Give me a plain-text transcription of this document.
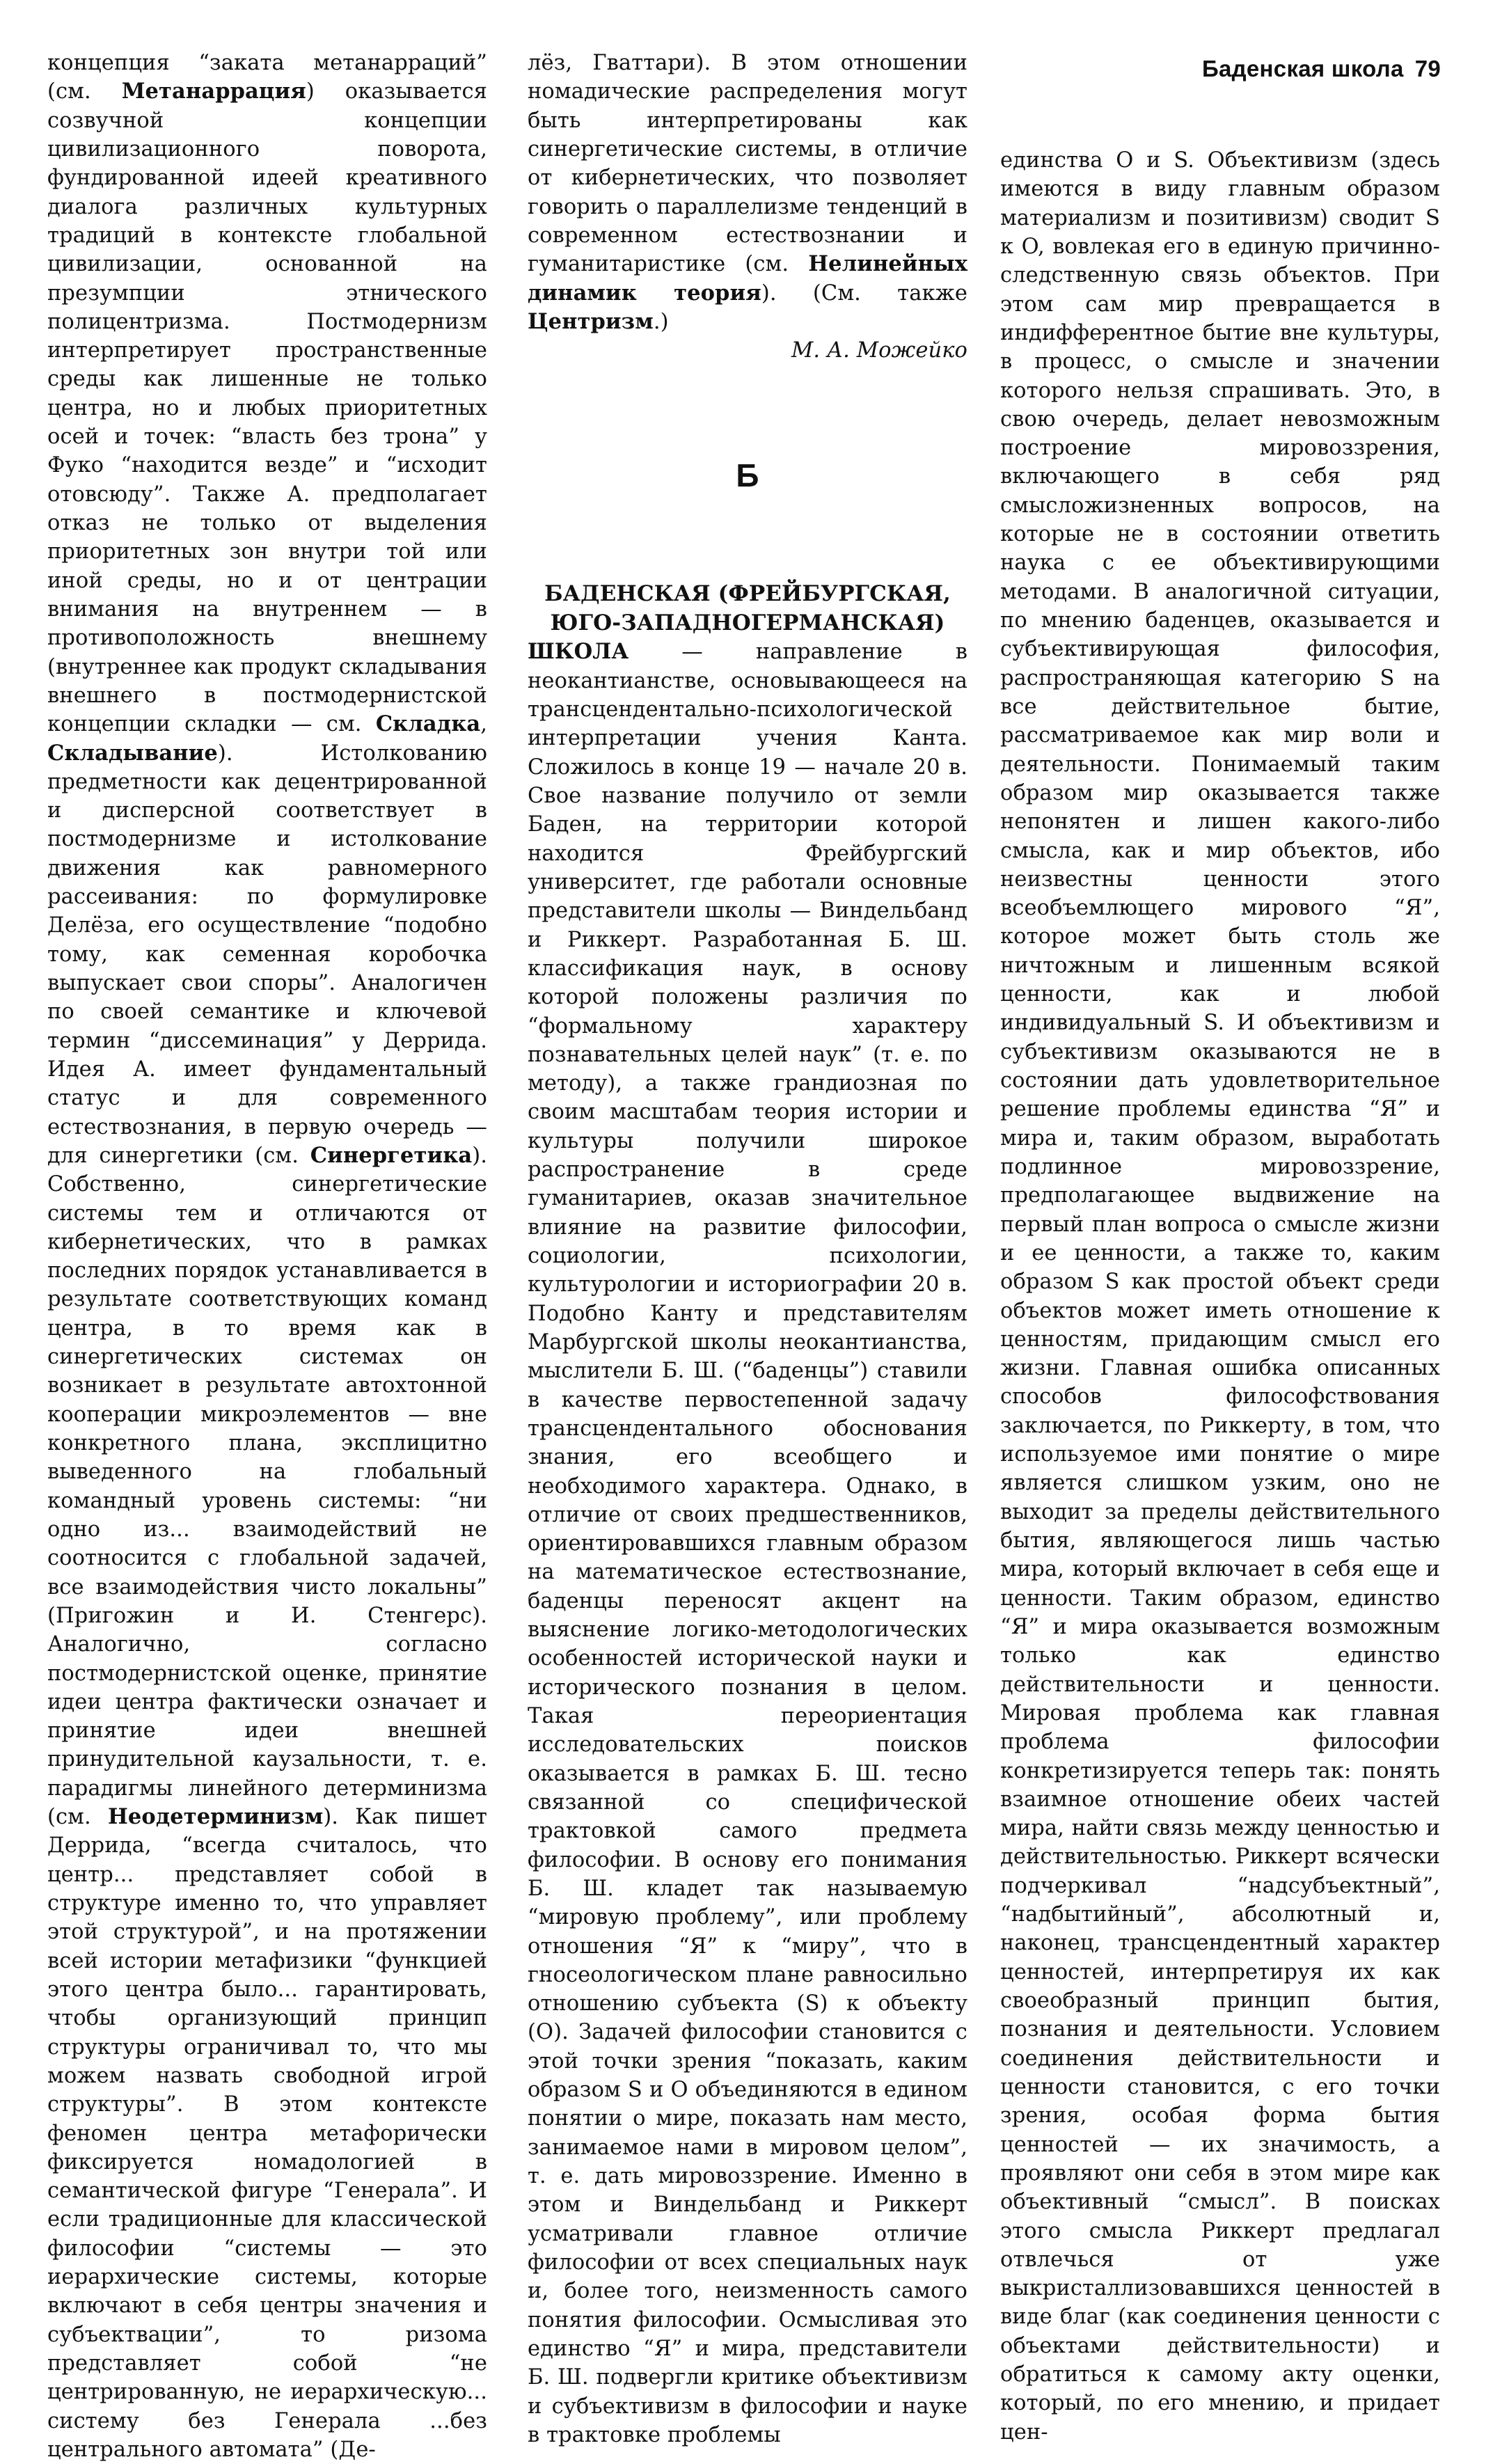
Баденская школа 79

концепция “заката метанарраций” (см. Метанаррация) оказывается созвучной концепции цивилизационного поворота, фундированной идеей креативного диалога различных культурных традиций в контексте глобальной цивилизации, основанной на презумпции этнического полицентризма. Постмодернизм интерпретирует пространственные среды как лишенные не только центра, но и любых приоритетных осей и точек: “власть без трона” у Фуко “находится везде” и “исходит отовсюду”. Также А. предполагает отказ не только от выделения приоритетных зон внутри той или иной среды, но и от центрации внимания на внутреннем — в противоположность внешнему (внутреннее как продукт складывания внешнего в постмодернистской концепции складки — см. Складка, Складывание). Истолкованию предметности как децентрированной и дисперсной соответствует в постмодернизме и истолкование движения как равномерного рассеивания: по формулировке Делёза, его осуществление “подобно тому, как семенная коробочка выпускает свои споры”. Аналогичен по своей семантике и ключевой термин “диссеминация” у Деррида. Идея А. имеет фундаментальный статус и для современного естествознания, в первую очередь — для синергетики (см. Синергетика). Собственно, синергетические системы тем и отличаются от кибернетических, что в рамках последних порядок устанавливается в результате соответствующих команд центра, в то время как в синергетических системах он возникает в результате автохтонной кооперации микроэлементов — вне конкретного плана, эксплицитно выведенного на глобальный командный уровень системы: “ни одно из... взаимодействий не соотносится с глобальной задачей, все взаимодействия чисто локальны” (Пригожин и И. Стенгерс). Аналогично, согласно постмодернистской оценке, принятие идеи центра фактически означает и принятие идеи внешней принудительной каузальности, т. е. парадигмы линейного детерминизма (см. Неодетерминизм). Как пишет Деррида, “всегда считалось, что центр... представляет собой в структуре именно то, что управляет этой структурой”, и на протяжении всей истории метафизики “функцией этого центра было... гарантировать, чтобы организующий принцип структуры ограничивал то, что мы можем назвать свободной игрой структуры”. В этом контексте феномен центра метафорически фиксируется номадологией в семантической фигуре “Генерала”. И если традиционные для классической философии “системы — это иерархические системы, которые включают в себя центры значения и субъектвации”, то ризома представляет собой “не центрированную, не иерархическую... систему без Генерала ...без центрального автомата” (Де-

лёз, Гваттари). В этом отношении номадические распределения могут быть интерпретированы как синергетические системы, в отличие от кибернетических, что позволяет говорить о параллелизме тенденций в современном естествознании и гуманитаристике (см. Нелинейных динамик теория). (См. также Центризм.)

М. А. Можейко

Б
БАДЕНСКАЯ (ФРЕЙБУРГСКАЯ,
ЮГО-ЗАПАДНОГЕРМАНСКАЯ)

ШКОЛА — направление в неокантианстве, основывающееся на трансцендентально-психологической интерпретации учения Канта. Сложилось в конце 19 — начале 20 в. Свое название получило от земли Баден, на территории которой находится Фрейбургский университет, где работали основные представители школы — Виндельбанд и Риккерт. Разработанная Б. Ш. классификация наук, в основу которой положены различия по “формальному характеру познавательных целей наук” (т. е. по методу), а также грандиозная по своим масштабам теория истории и культуры получили широкое распространение в среде гуманитариев, оказав значительное влияние на развитие философии, социологии, психологии, культурологии и историографии 20 в. Подобно Канту и представителям Марбургской школы неокантианства, мыслители Б. Ш. (“баденцы”) ставили в качестве первостепенной задачу трансцендентального обоснования знания, его всеобщего и необходимого характера. Однако, в отличие от своих предшественников, ориентировавшихся главным образом на математическое естествознание, баденцы переносят акцент на выяснение логико-методологических особенностей исторической науки и исторического познания в целом. Такая переориентация исследовательских поисков оказывается в рамках Б. Ш. тесно связанной со специфической трактовкой самого предмета философии. В основу его понимания Б. Ш. кладет так называемую “мировую проблему”, или проблему отношения “Я” к “миру”, что в гносеологическом плане равносильно отношению субъекта (S) к объекту (O). Задачей философии становится с этой точки зрения “показать, каким образом S и O объединяются в едином понятии о мире, показать нам место, занимаемое нами в мировом целом”, т. е. дать мировоззрение. Именно в этом и Виндельбанд и Риккерт усматривали главное отличие философии от всех специальных наук и, более того, неизменность самого понятия философии. Осмысливая это единство “Я” и мира, представители Б. Ш. подвергли критике объективизм и субъективизм в философии и науке в трактовке проблемы

единства O и S. Объективизм (здесь имеются в виду главным образом материализм и позитивизм) сводит S к O, вовлекая его в единую причинно-следственную связь объектов. При этом сам мир превращается в индифферентное бытие вне культуры, в процесс, о смысле и значении которого нельзя спрашивать. Это, в свою очередь, делает невозможным построение мировоззрения, включающего в себя ряд смысложизненных вопросов, на которые не в состоянии ответить наука с ее объективирующими методами. В аналогичной ситуации, по мнению баденцев, оказывается и субъективирующая философия, распространяющая категорию S на все действительное бытие, рассматриваемое как мир воли и деятельности. Понимаемый таким образом мир оказывается также непонятен и лишен какого-либо смысла, как и мир объектов, ибо неизвестны ценности этого всеобъемлющего мирового “Я”, которое может быть столь же ничтожным и лишенным всякой ценности, как и любой индивидуальный S. И объективизм и субъективизм оказываются не в состоянии дать удовлетворительное решение проблемы единства “Я” и мира и, таким образом, выработать подлинное мировоззрение, предполагающее выдвижение на первый план вопроса о смысле жизни и ее ценности, а также то, каким образом S как простой объект среди объектов может иметь отношение к ценностям, придающим смысл его жизни. Главная ошибка описанных способов философствования заключается, по Риккерту, в том, что используемое ими понятие о мире является слишком узким, оно не выходит за пределы действительного бытия, являющегося лишь частью мира, который включает в себя еще и ценности. Таким образом, единство “Я” и мира оказывается возможным только как единство действительности и ценности. Мировая проблема как главная проблема философии конкретизируется теперь так: понять взаимное отношение обеих частей мира, найти связь между ценностью и действительностью. Риккерт всячески подчеркивал “надсубъектный”, “надбытийный”, абсолютный и, наконец, трансцендентный характер ценностей, интерпретируя их как своеобразный принцип бытия, познания и деятельности. Условием соединения действительности и ценности становится, с его точки зрения, особая форма бытия ценностей — их значимость, а проявляют они себя в этом мире как объективный “смысл”. В поисках этого смысла Риккерт предлагал отвлечься от уже выкристаллизовавшихся ценностей в виде благ (как соединения ценности с объектами действительности) и обратиться к самому акту оценки, который, по его мнению, и придает цен-
